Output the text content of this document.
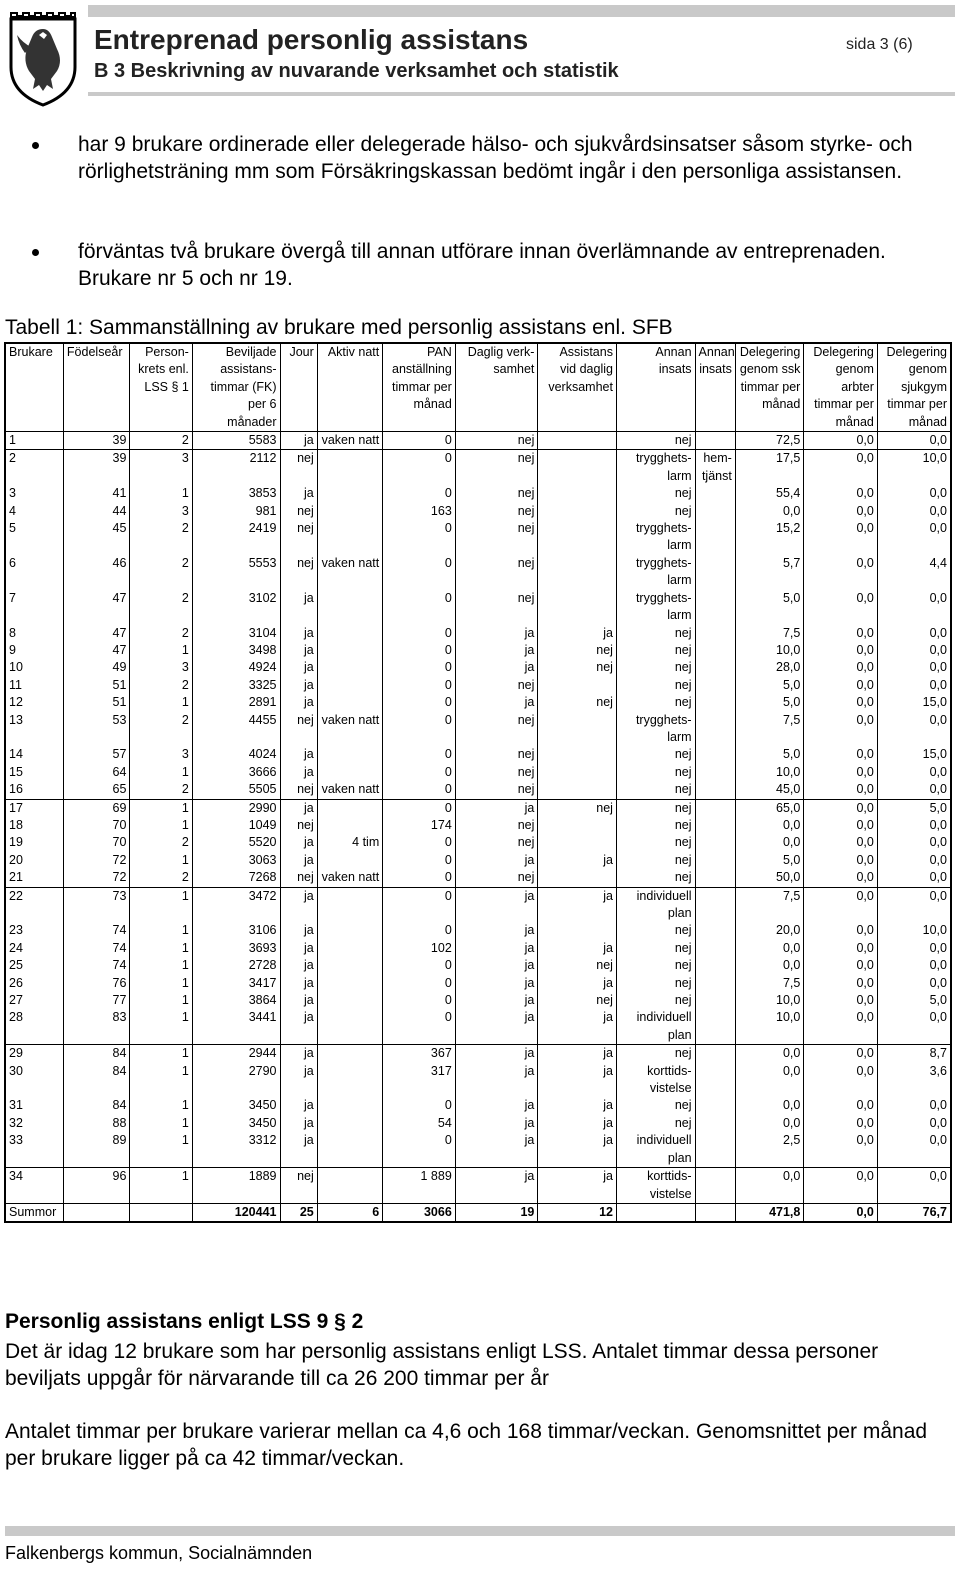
Entreprenad personlig assistans
B 3 Beskrivning av nuvarande verksamhet och statistik
sida 3 (6)
har 9 brukare ordinerade eller delegerade hälso- och sjukvårdsinsatser såsom styrke- och rörlighetsträning mm som Försäkringskassan bedömt ingår i den personliga assistansen.
förväntas två brukare övergå till annan utförare innan överlämnande av entreprenaden. Brukare nr 5 och nr 19.
Tabell 1: Sammanställning av brukare med personlig assistans enl. SFB
Brukare	Födelseår	Person-krets enl. LSS § 1	Beviljade assistans-timmar (FK) per 6 månader	Jour	Aktiv natt	PAN anställning timmar per månad	Daglig verk-samhet	Assistans vid daglig verksamhet	Annan insats	Annan insats	Delegering genom ssk timmar per månad	Delegering genom arbter timmar per månad	Delegering genom sjukgym timmar per månad
1	39	2	5583	ja	vaken natt	0	nej		nej		72,5	0,0	0,0
2	39	3	2112	nej		0	nej		trygghets-larm	hem-tjänst	17,5	0,0	10,0
3	41	1	3853	ja		0	nej		nej		55,4	0,0	0,0
4	44	3	981	nej		163	nej		nej		0,0	0,0	0,0
5	45	2	2419	nej		0	nej		trygghets-larm		15,2	0,0	0,0
6	46	2	5553	nej	vaken natt	0	nej		trygghets-larm		5,7	0,0	4,4
7	47	2	3102	ja		0	nej		trygghets-larm		5,0	0,0	0,0
8	47	2	3104	ja		0	ja	ja	nej		7,5	0,0	0,0
9	47	1	3498	ja		0	ja	nej	nej		10,0	0,0	0,0
10	49	3	4924	ja		0	ja	nej	nej		28,0	0,0	0,0
11	51	2	3325	ja		0	nej		nej		5,0	0,0	0,0
12	51	1	2891	ja		0	ja	nej	nej		5,0	0,0	15,0
13	53	2	4455	nej	vaken natt	0	nej		trygghets-larm		7,5	0,0	0,0
14	57	3	4024	ja		0	nej		nej		5,0	0,0	15,0
15	64	1	3666	ja		0	nej		nej		10,0	0,0	0,0
16	65	2	5505	nej	vaken natt	0	nej		nej		45,0	0,0	0,0
17	69	1	2990	ja		0	ja	nej	nej		65,0	0,0	5,0
18	70	1	1049	nej		174	nej		nej		0,0	0,0	0,0
19	70	2	5520	ja	4 tim	0	nej		nej		0,0	0,0	0,0
20	72	1	3063	ja		0	ja	ja	nej		5,0	0,0	0,0
21	72	2	7268	nej	vaken natt	0	nej		nej		50,0	0,0	0,0
22	73	1	3472	ja		0	ja	ja	individuell plan		7,5	0,0	0,0
23	74	1	3106	ja		0	ja		nej		20,0	0,0	10,0
24	74	1	3693	ja		102	ja	ja	nej		0,0	0,0	0,0
25	74	1	2728	ja		0	ja	nej	nej		0,0	0,0	0,0
26	76	1	3417	ja		0	ja	ja	nej		7,5	0,0	0,0
27	77	1	3864	ja		0	ja	nej	nej		10,0	0,0	5,0
28	83	1	3441	ja		0	ja	ja	individuell plan		10,0	0,0	0,0
29	84	1	2944	ja		367	ja	ja	nej		0,0	0,0	8,7
30	84	1	2790	ja		317	ja	ja	korttids-vistelse		0,0	0,0	3,6
31	84	1	3450	ja		0	ja	ja	nej		0,0	0,0	0,0
32	88	1	3450	ja		54	ja	ja	nej		0,0	0,0	0,0
33	89	1	3312	ja		0	ja	ja	individuell plan		2,5	0,0	0,0
34	96	1	1889	nej		1 889	ja	ja	korttids-vistelse		0,0	0,0	0,0
Summor			120441	25	6	3066	19	12			471,8	0,0	76,7
Personlig assistans enligt LSS 9 § 2
Det är idag 12 brukare som har personlig assistans enligt LSS. Antalet timmar dessa personer beviljats uppgår för närvarande till ca 26 200 timmar per år
Antalet timmar per brukare varierar mellan ca 4,6 och 168 timmar/veckan. Genomsnittet per månad per brukare ligger på ca 42 timmar/veckan.
Falkenbergs kommun, Socialnämnden
